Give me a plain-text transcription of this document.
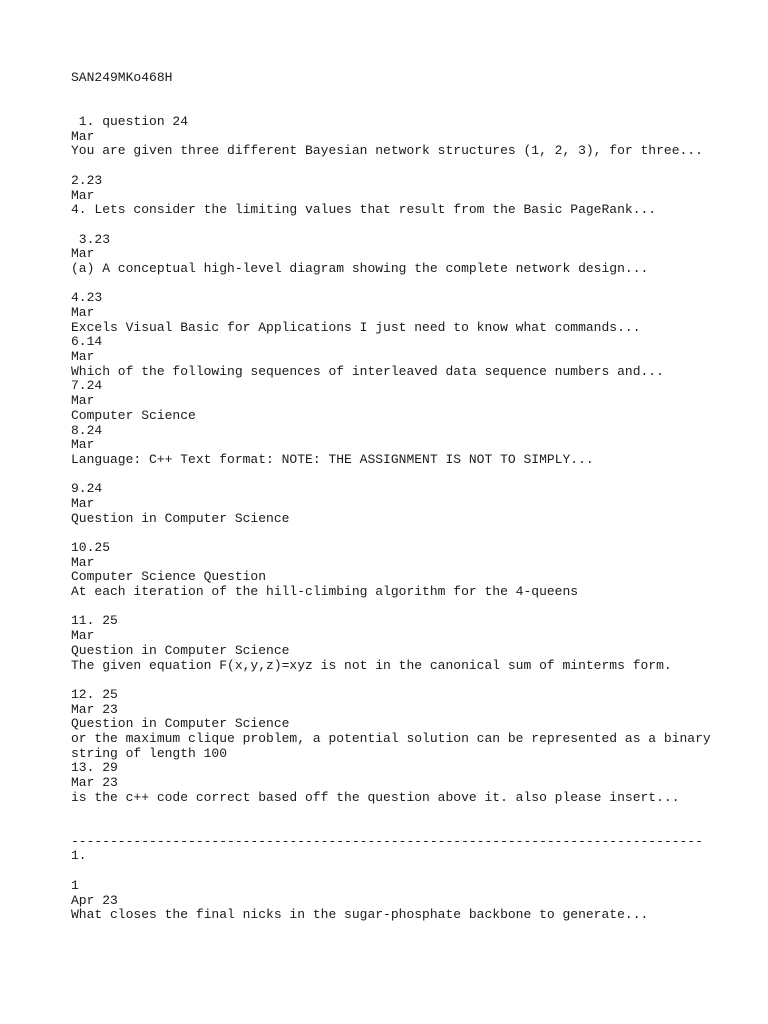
SAN249MKo468H
1. question 24
Mar
You are given three different Bayesian network structures (1, 2, 3), for three...
2.23
Mar
4. Lets consider the limiting values that result from the Basic PageRank...
3.23
Mar
(a) A conceptual high-level diagram showing the complete network design...
4.23
Mar
Excels Visual Basic for Applications I just need to know what commands...
6.14
Mar
Which of the following sequences of interleaved data sequence numbers and...
7.24
Mar
Computer Science
8.24
Mar
Language: C++ Text format: NOTE: THE ASSIGNMENT IS NOT TO SIMPLY...
9.24
Mar
Question in Computer Science
10.25
Mar
Computer Science Question
At each iteration of the hill-climbing algorithm for the 4-queens
11. 25
Mar
Question in Computer Science
The given equation F(x,y,z)=xyz is not in the canonical sum of minterms form.
12. 25
Mar 23
Question in Computer Science
or the maximum clique problem, a potential solution can be represented as a binary
string of length 100
13. 29
Mar 23
is the c++ code correct based off the question above it. also please insert...
---------------------------------------------------------------------------------
1.
1
Apr 23
What closes the final nicks in the sugar-phosphate backbone to generate...
